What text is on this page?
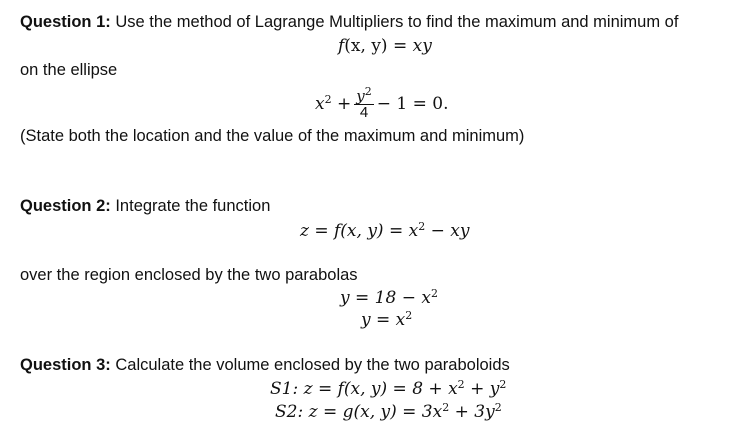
Question 1: Use the method of Lagrange Multipliers to find the maximum and minimum of
f(x, y) = xy
on the ellipse
$x^2 + \frac{y^2}{4} - 1 = 0$.
(State both the location and the value of the maximum and minimum)
Question 2: Integrate the function
z = f(x, $y) = x^2$ − xy
over the region enclosed by the two parabolas
$y = 18 - x^2$
$y = x^2$
Question 3: Calculate the volume enclosed by the two paraboloids
S1: z = f(x, $y) = 8 + x^2 + y^2$
S2: z = g(x, $y) = 3x^2 + 3y^2$
